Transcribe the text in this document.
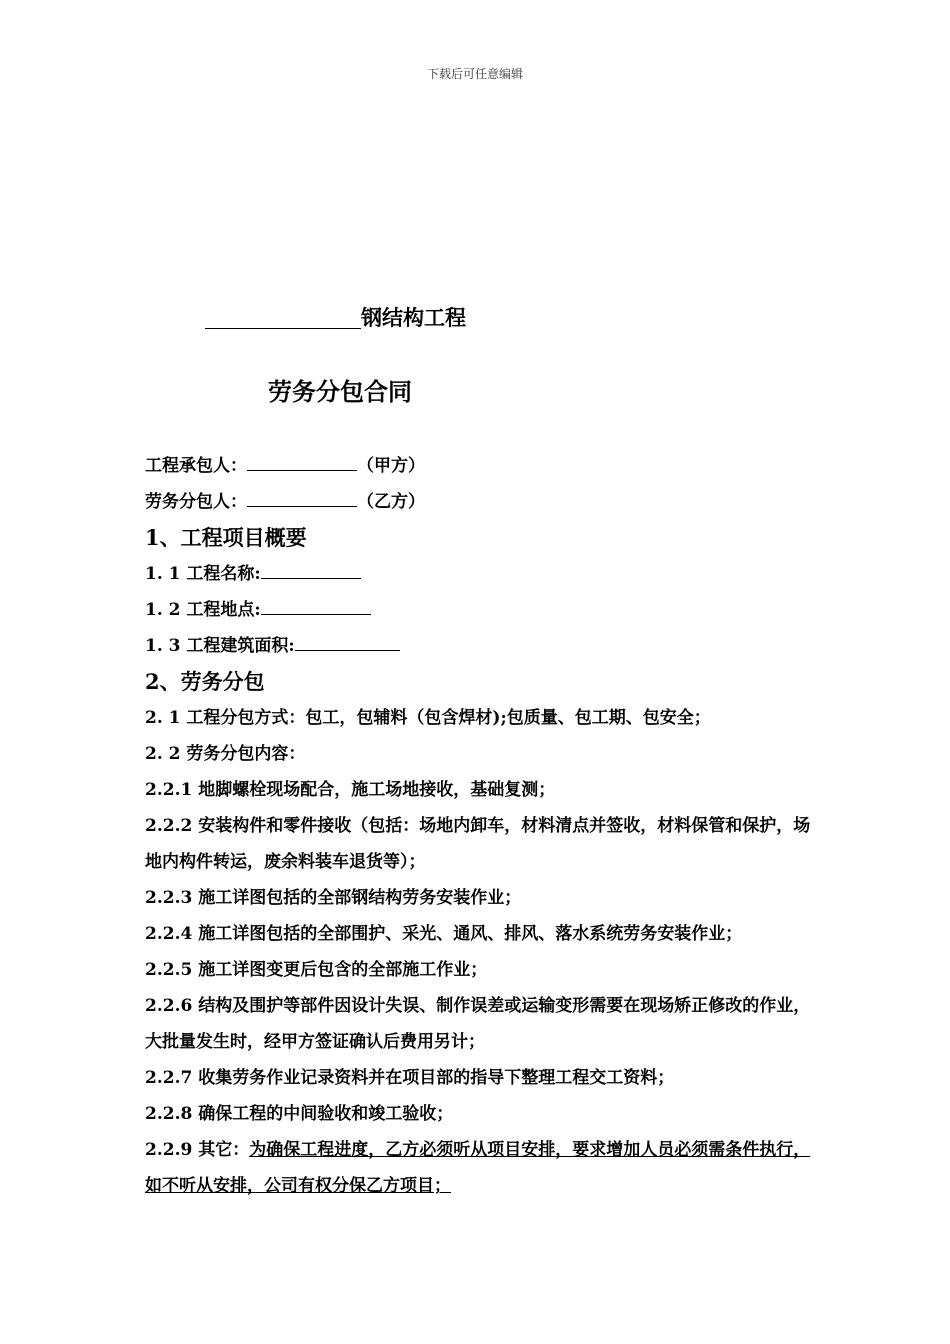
下载后可任意编辑
钢结构工程
劳务分包合同

工程承包人：	（甲方）

劳务分包人：	（乙方）

1、工程项目概要

1. 1 工程名称:

1. 2 工程地点:

1. 3 工程建筑面积:

2、劳务分包

2. 1 工程分包方式：包工，包辅料（包含焊材);包质量、包工期、包安全；

2. 2 劳务分包内容：

2.2.1 地脚螺栓现场配合，施工场地接收，基础复测；

2.2.2 安装构件和零件接收（包括：场地内卸车，材料清点并签收，材料保管和保护，场地内构件转运，废余料装车退货等）；

2.2.3 施工详图包括的全部钢结构劳务安装作业；

2.2.4 施工详图包括的全部围护、采光、通风、排风、落水系统劳务安装作业；

2.2.5 施工详图变更后包含的全部施工作业；

2.2.6 结构及围护等部件因设计失误、制作误差或运输变形需要在现场矫正修改的作业，大批量发生时，经甲方签证确认后费用另计；

2.2.7 收集劳务作业记录资料并在项目部的指导下整理工程交工资料；

2.2.8 确保工程的中间验收和竣工验收；

2.2.9 其它：为确保工程进度，乙方必须听从项目安排，要求增加人员必须需条件执行，如不听从安排，公司有权分保乙方项目；
